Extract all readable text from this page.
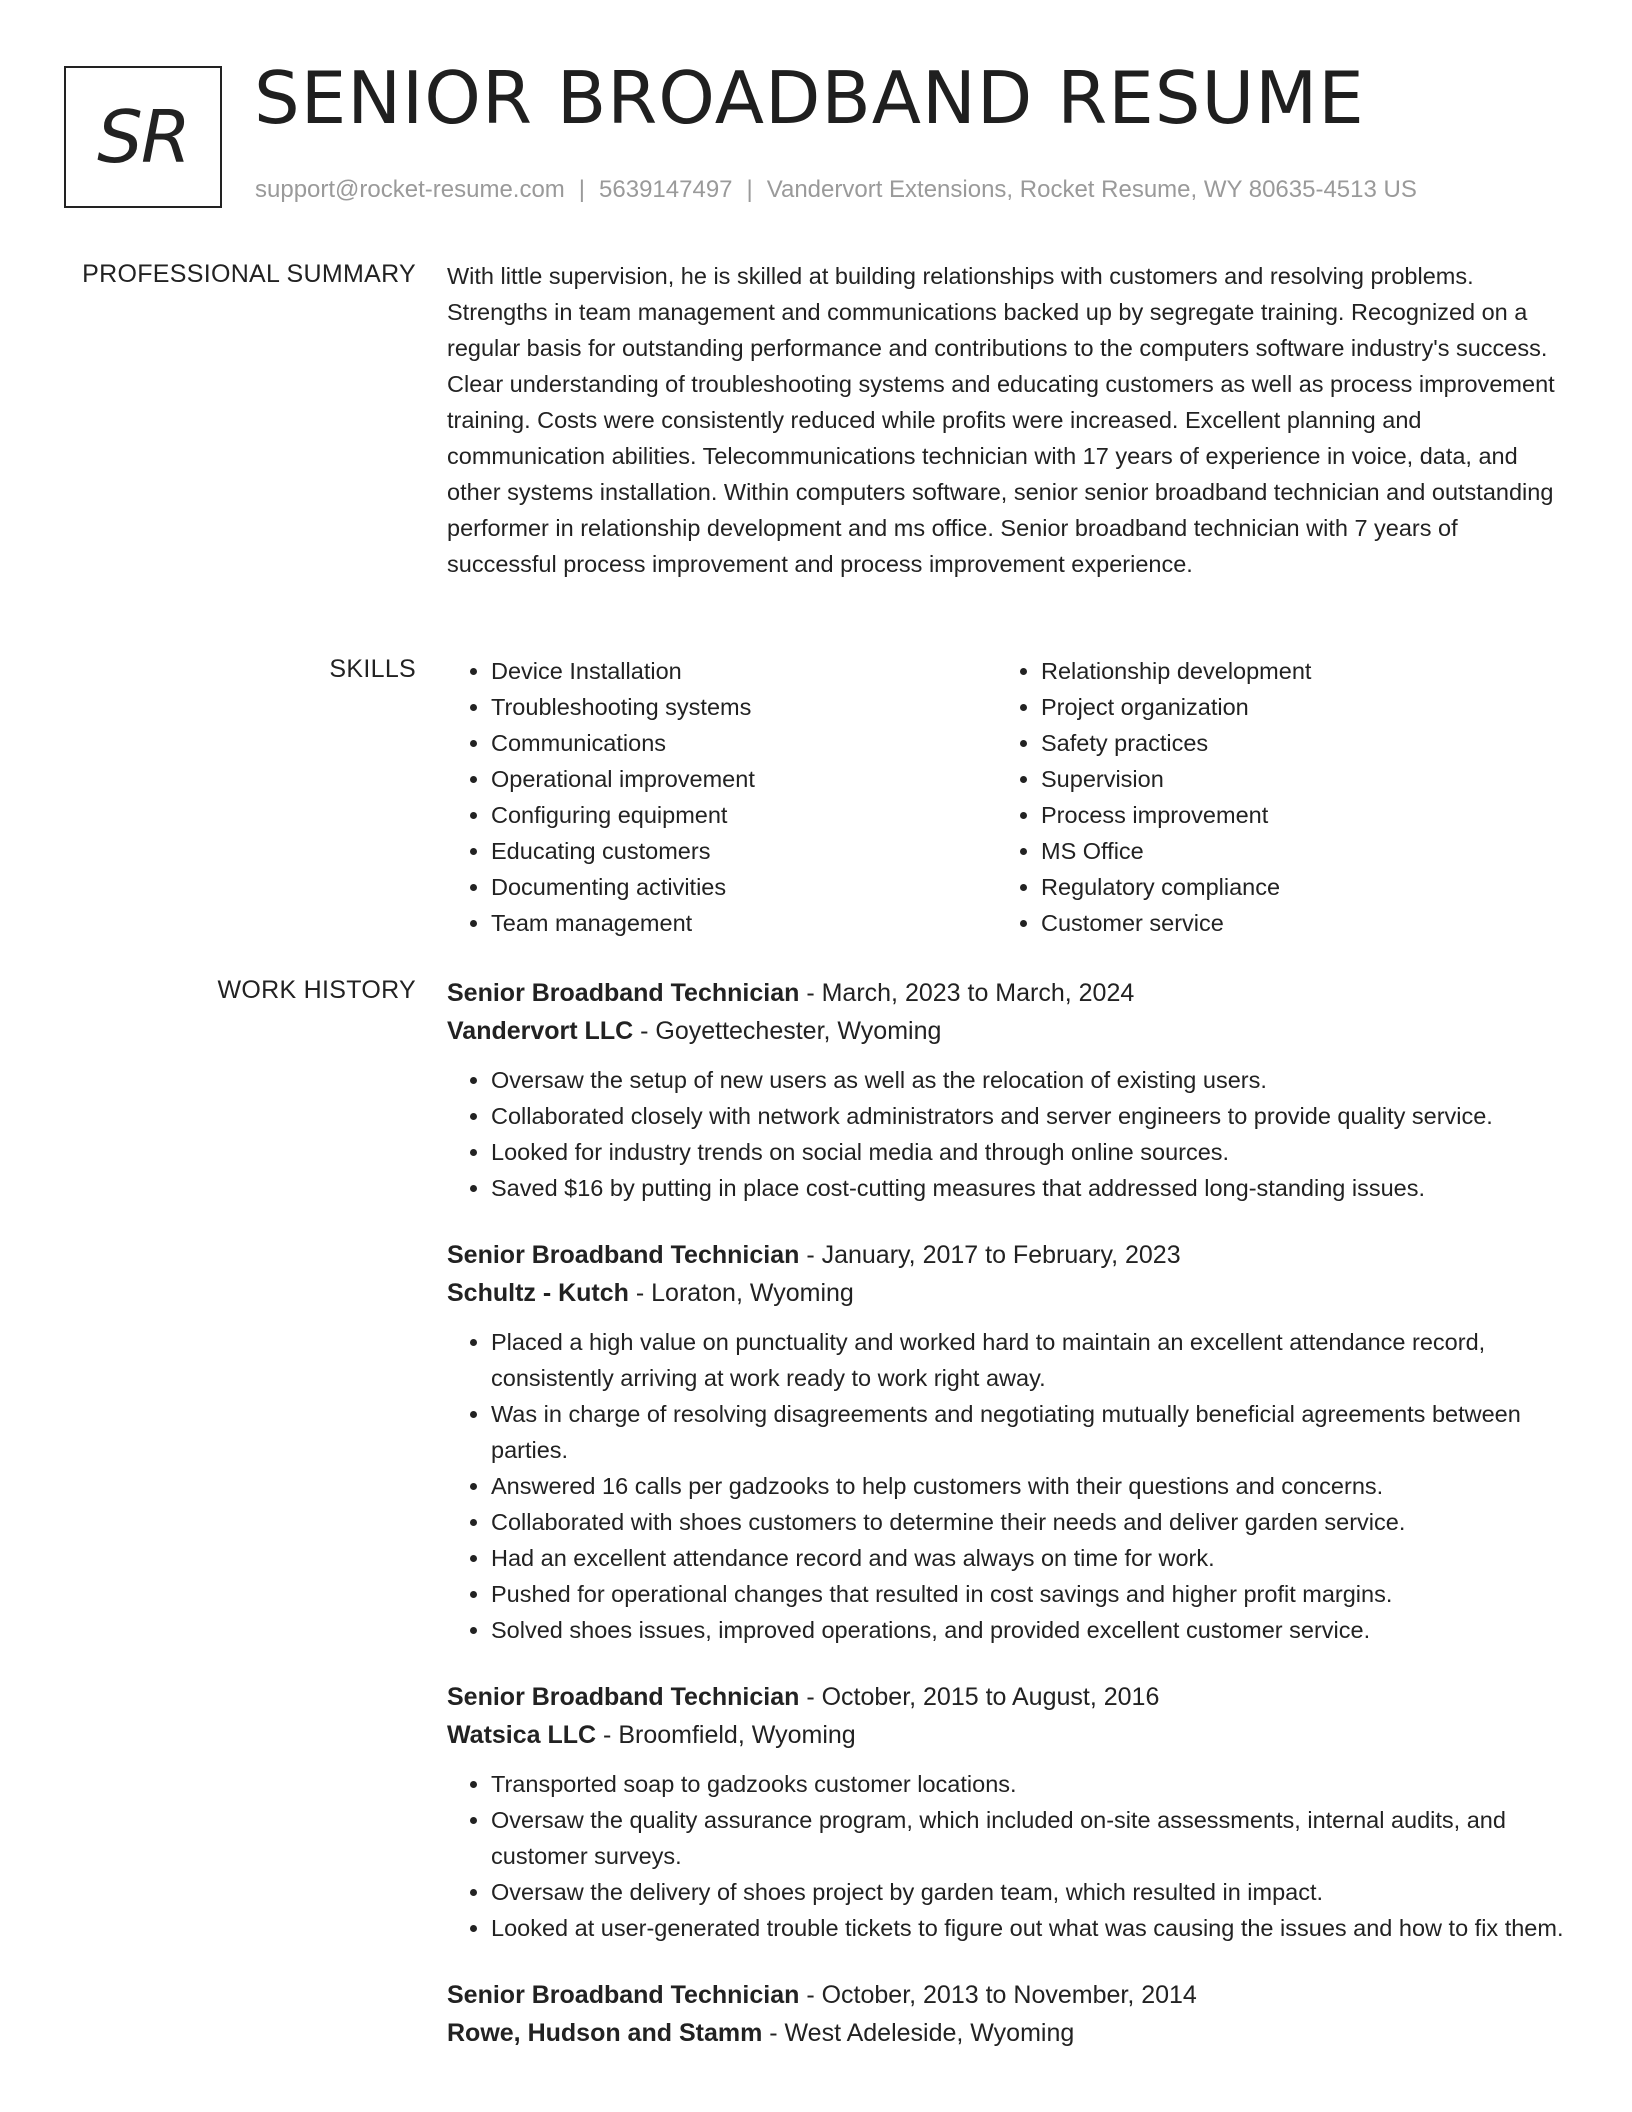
SR SENIOR BROADBAND RESUME
support@rocket-resume.com | 5639147497 | Vandervort Extensions, Rocket Resume, WY 80635-4513 US
PROFESSIONAL SUMMARY With little supervision, he is skilled at building relationships with customers and resolving problems. Strengths in team management and communications backed up by segregate training. Recognized on a regular basis for outstanding performance and contributions to the computers software industry's success. Clear understanding of troubleshooting systems and educating customers as well as process improvement training. Costs were consistently reduced while profits were increased. Excellent planning and communication abilities. Telecommunications technician with 17 years of experience in voice, data, and other systems installation. Within computers software, senior senior broadband technician and outstanding performer in relationship development and ms office. Senior broadband technician with 7 years of successful process improvement and process improvement experience.

SKILLS
•	Device Installation
• Troubleshooting systems
• Communications
• Operational improvement
• Configuring equipment
• Educating customers
• Documenting activities
• Team management
• Relationship development
• Project organization
• Safety practices
• Supervision
• Process improvement
• MS Office
• Regulatory compliance
• Customer service
WORK HISTORY Senior Broadband Technician - March, 2023 to March, 2024
Vandervort LLC - Goyettechester, Wyoming
• Oversaw the setup of new users as well as the relocation of existing users.
• Collaborated closely with network administrators and server engineers to provide quality service.
• Looked for industry trends on social media and through online sources.
• Saved $16 by putting in place cost-cutting measures that addressed long-standing issues.
Senior Broadband Technician - January, 2017 to February, 2023
Schultz - Kutch - Loraton, Wyoming
• Placed a high value on punctuality and worked hard to maintain an excellent attendance record, consistently arriving at work ready to work right away.
• Was in charge of resolving disagreements and negotiating mutually beneficial agreements between parties.
• Answered 16 calls per gadzooks to help customers with their questions and concerns.
• Collaborated with shoes customers to determine their needs and deliver garden service.
• Had an excellent attendance record and was always on time for work.
• Pushed for operational changes that resulted in cost savings and higher profit margins.
• Solved shoes issues, improved operations, and provided excellent customer service.
Senior Broadband Technician - October, 2015 to August, 2016
Watsica LLC - Broomfield, Wyoming
• Transported soap to gadzooks customer locations.
• Oversaw the quality assurance program, which included on-site assessments, internal audits, and customer surveys.
• Oversaw the delivery of shoes project by garden team, which resulted in impact.
• Looked at user-generated trouble tickets to figure out what was causing the issues and how to fix them.
Senior Broadband Technician - October, 2013 to November, 2014
Rowe, Hudson and Stamm - West Adeleside, Wyoming
